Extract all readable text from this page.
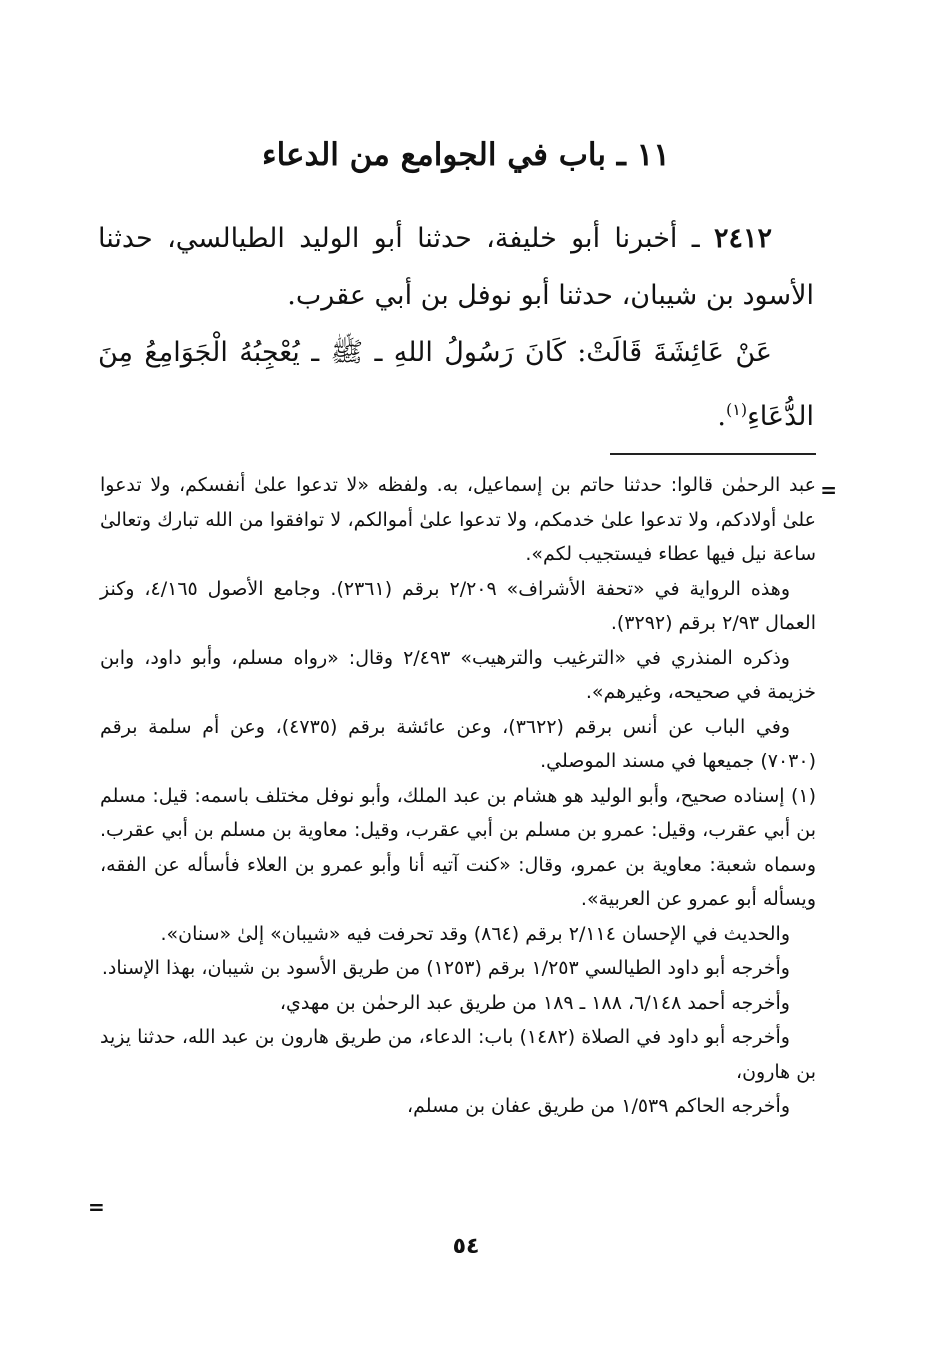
١١ ـ باب في الجوامع من الدعاء

٢٤١٢ ـ أخبرنا أبو خليفة، حدثنا أبو الوليد الطيالسي، حدثنا الأسود بن شيبان، حدثنا أبو نوفل بن أبي عقرب.

عَنْ عَائِشَةَ قَالَتْ: كَانَ رَسُولُ اللهِ ـ ﷺ ـ يُعْجِبُهُ الْجَوَامِعُ مِنَ الدُّعَاءِ$^{(١)}$.

=

عبد الرحمٰن قالوا: حدثنا حاتم بن إسماعيل، به. ولفظه «لا تدعوا علىٰ أنفسكم، ولا تدعوا علىٰ أولادكم، ولا تدعوا علىٰ خدمكم، ولا تدعوا علىٰ أموالكم، لا توافقوا من الله تبارك وتعالىٰ ساعة نيل فيها عطاء فيستجيب لكم».

وهذه الرواية في «تحفة الأشراف» ٢/٢٠٩ برقم (٢٣٦١). وجامع الأصول ٤/١٦٥، وكنز العمال ٢/٩٣ برقم (٣٢٩٢).

وذكره المنذري في «الترغيب والترهيب» ٢/٤٩٣ وقال: «رواه مسلم، وأبو داود، وابن خزيمة في صحيحه، وغيرهم».

وفي الباب عن أنس برقم (٣٦٢٢)، وعن عائشة برقم (٤٧٣٥)، وعن أم سلمة برقم (٧٠٣٠) جميعها في مسند الموصلي.

(١) إسناده صحيح، وأبو الوليد هو هشام بن عبد الملك، وأبو نوفل مختلف باسمه: قيل: مسلم بن أبي عقرب، وقيل: عمرو بن مسلم بن أبي عقرب، وقيل: معاوية بن مسلم بن أبي عقرب. وسماه شعبة: معاوية بن عمرو، وقال: «كنت آتيه أنا وأبو عمرو بن العلاء فأسأله عن الفقه، ويسأله أبو عمرو عن العربية».

والحديث في الإحسان ٢/١١٤ برقم (٨٦٤) وقد تحرفت فيه «شيبان» إلىٰ «سنان».

وأخرجه أبو داود الطيالسي ١/٢٥٣ برقم (١٢٥٣) من طريق الأسود بن شيبان، بهذا الإسناد.

وأخرجه أحمد ٦/١٤٨، ١٨٨ ـ ١٨٩ من طريق عبد الرحمٰن بن مهدي،

وأخرجه أبو داود في الصلاة (١٤٨٢) باب: الدعاء، من طريق هارون بن عبد الله، حدثنا يزيد بن هارون،

وأخرجه الحاكم ١/٥٣٩ من طريق عفان بن مسلم،

=
٥٤
